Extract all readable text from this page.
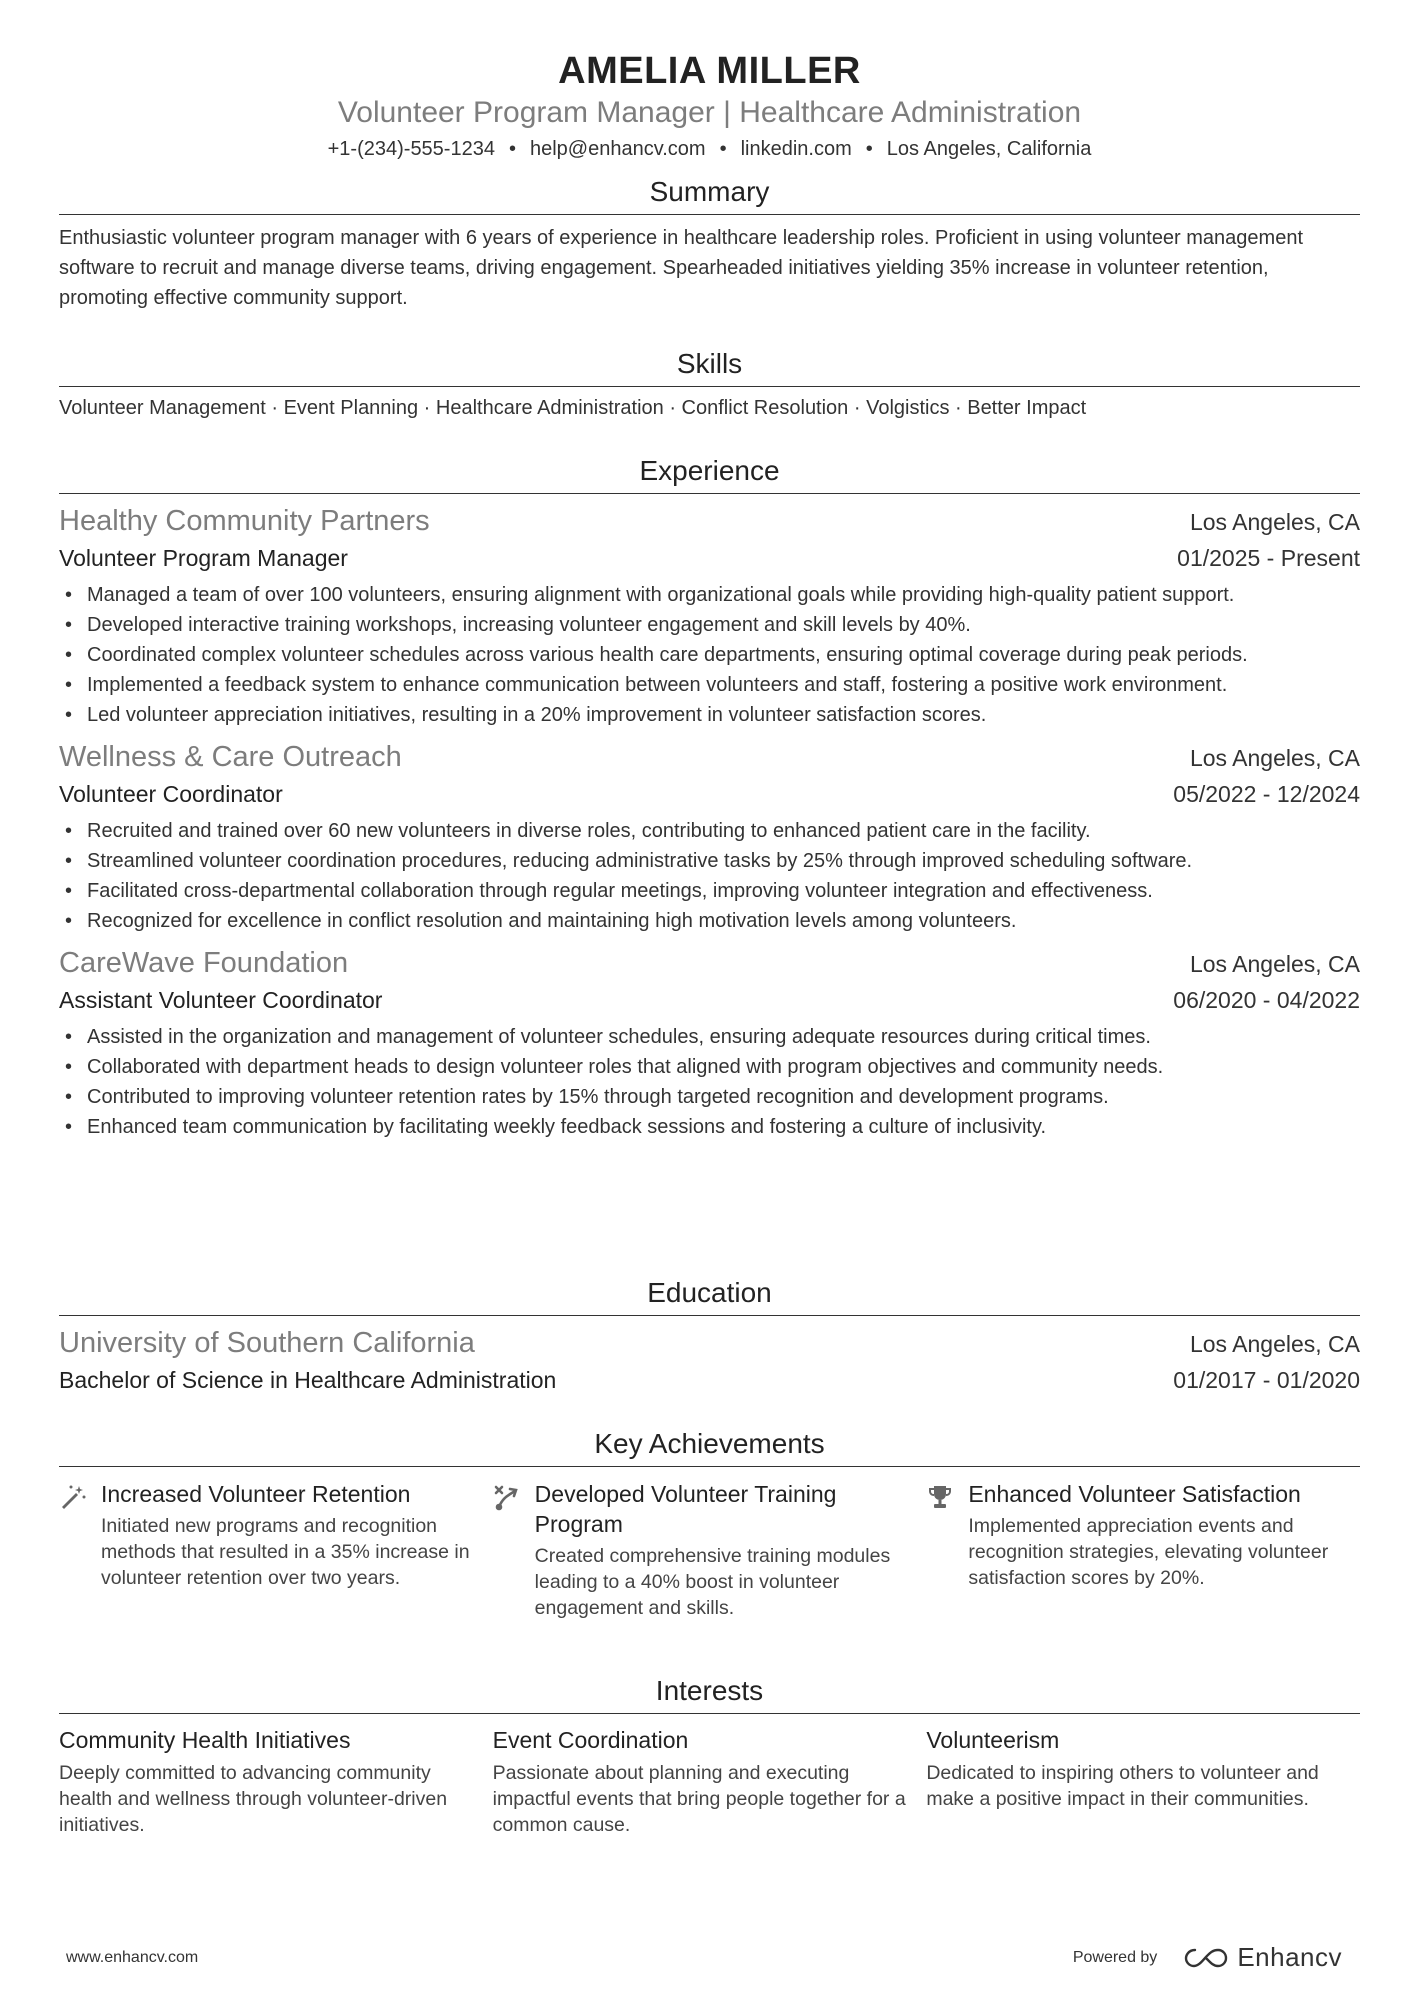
AMELIA MILLER
Volunteer Program Manager | Healthcare Administration
+1-(234)-555-1234 • help@enhancv.com • linkedin.com • Los Angeles, California
Summary
Enthusiastic volunteer program manager with 6 years of experience in healthcare leadership roles. Proficient in using volunteer management software to recruit and manage diverse teams, driving engagement. Spearheaded initiatives yielding 35% increase in volunteer retention, promoting effective community support.
Skills
Volunteer Management · Event Planning · Healthcare Administration · Conflict Resolution · Volgistics · Better Impact
Experience
Healthy Community Partners	Los Angeles, CA
Volunteer Program Manager	01/2025 - Present
• Managed a team of over 100 volunteers, ensuring alignment with organizational goals while providing high-quality patient support.
• Developed interactive training workshops, increasing volunteer engagement and skill levels by 40%.
• Coordinated complex volunteer schedules across various health care departments, ensuring optimal coverage during peak periods.
• Implemented a feedback system to enhance communication between volunteers and staff, fostering a positive work environment.
• Led volunteer appreciation initiatives, resulting in a 20% improvement in volunteer satisfaction scores.
Wellness & Care Outreach	Los Angeles, CA
Volunteer Coordinator	05/2022 - 12/2024
• Recruited and trained over 60 new volunteers in diverse roles, contributing to enhanced patient care in the facility.
• Streamlined volunteer coordination procedures, reducing administrative tasks by 25% through improved scheduling software.
• Facilitated cross-departmental collaboration through regular meetings, improving volunteer integration and effectiveness.
• Recognized for excellence in conflict resolution and maintaining high motivation levels among volunteers.
CareWave Foundation	Los Angeles, CA
Assistant Volunteer Coordinator	06/2020 - 04/2022
• Assisted in the organization and management of volunteer schedules, ensuring adequate resources during critical times.
• Collaborated with department heads to design volunteer roles that aligned with program objectives and community needs.
• Contributed to improving volunteer retention rates by 15% through targeted recognition and development programs.
• Enhanced team communication by facilitating weekly feedback sessions and fostering a culture of inclusivity.
Education
University of Southern California	Los Angeles, CA
Bachelor of Science in Healthcare Administration	01/2017 - 01/2020
Key Achievements
Increased Volunteer Retention
Initiated new programs and recognition methods that resulted in a 35% increase in volunteer retention over two years.
Developed Volunteer Training Program
Created comprehensive training modules leading to a 40% boost in volunteer engagement and skills.
Enhanced Volunteer Satisfaction
Implemented appreciation events and recognition strategies, elevating volunteer satisfaction scores by 20%.
Interests
Community Health Initiatives
Deeply committed to advancing community health and wellness through volunteer-driven initiatives.
Event Coordination
Passionate about planning and executing impactful events that bring people together for a common cause.
Volunteerism
Dedicated to inspiring others to volunteer and make a positive impact in their communities.
www.enhancv.com	Powered by	Enhancv
